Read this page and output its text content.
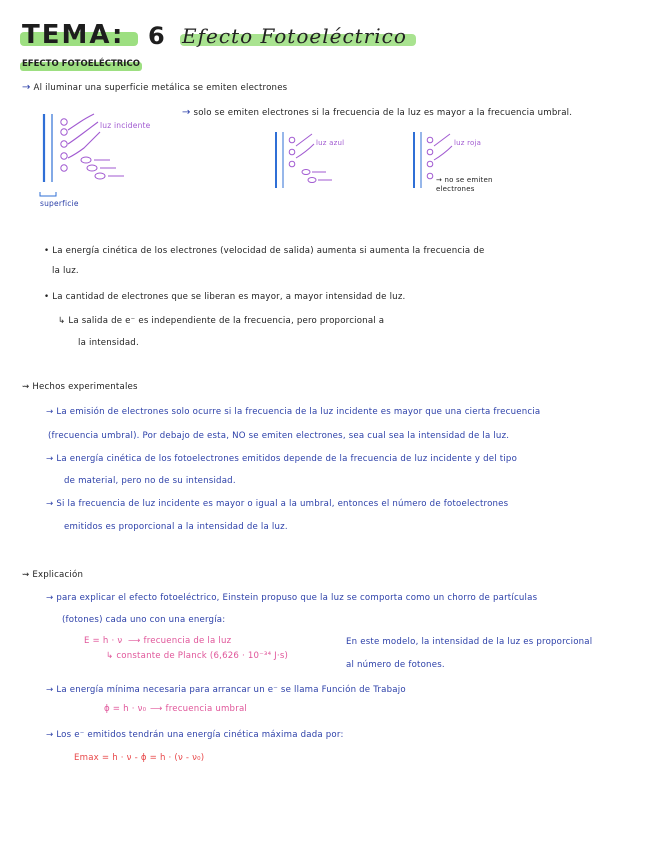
TEMA: 6 Efecto Fotoeléctrico
EFECTO FOTOELÉCTRICO
→ Al iluminar una superficie metálica se emiten electrones
→ solo se emiten electrones si la frecuencia de la luz es mayor a la frecuencia umbral.
luz incidente
superficie
luz azul	luz roja
→ no se emiten electrones
• La energía cinética de los electrones (velocidad de salida) aumenta si aumenta la frecuencia de
la luz.
• La cantidad de electrones que se liberan es mayor, a mayor intensidad de luz.
↳ La salida de e⁻ es independiente de la frecuencia, pero proporcional a
la intensidad.
⇝ Hechos experimentales
→ La emisión de electrones solo ocurre si la frecuencia de la luz incidente es mayor que una cierta frecuencia
(frecuencia umbral). Por debajo de esta, NO se emiten electrones, sea cual sea la intensidad de la luz.
→ La energía cinética de los fotoelectrones emitidos depende de la frecuencia de luz incidente y del tipo
de material, pero no de su intensidad.
→ Si la frecuencia de luz incidente es mayor o igual a la umbral, entonces el número de fotoelectrones
emitidos es proporcional a la intensidad de la luz.
⇝ Explicación
→ para explicar el efecto fotoeléctrico, Einstein propuso que la luz se comporta como un chorro de partículas
(fotones) cada uno con una energía:
E = h · ν ⟶ frecuencia de la luz
↳ constante de Planck (6,626 · 10⁻³⁴ J·s)
En este modelo, la intensidad de la luz es proporcional
al número de fotones.
→ La energía mínima necesaria para arrancar un e⁻ se llama Función de Trabajo
ϕ = h · ν₀ ⟶ frecuencia umbral
→ Los e⁻ emitidos tendrán una energía cinética máxima dada por:
Emax = h · ν - ϕ = h · (ν - ν₀)
